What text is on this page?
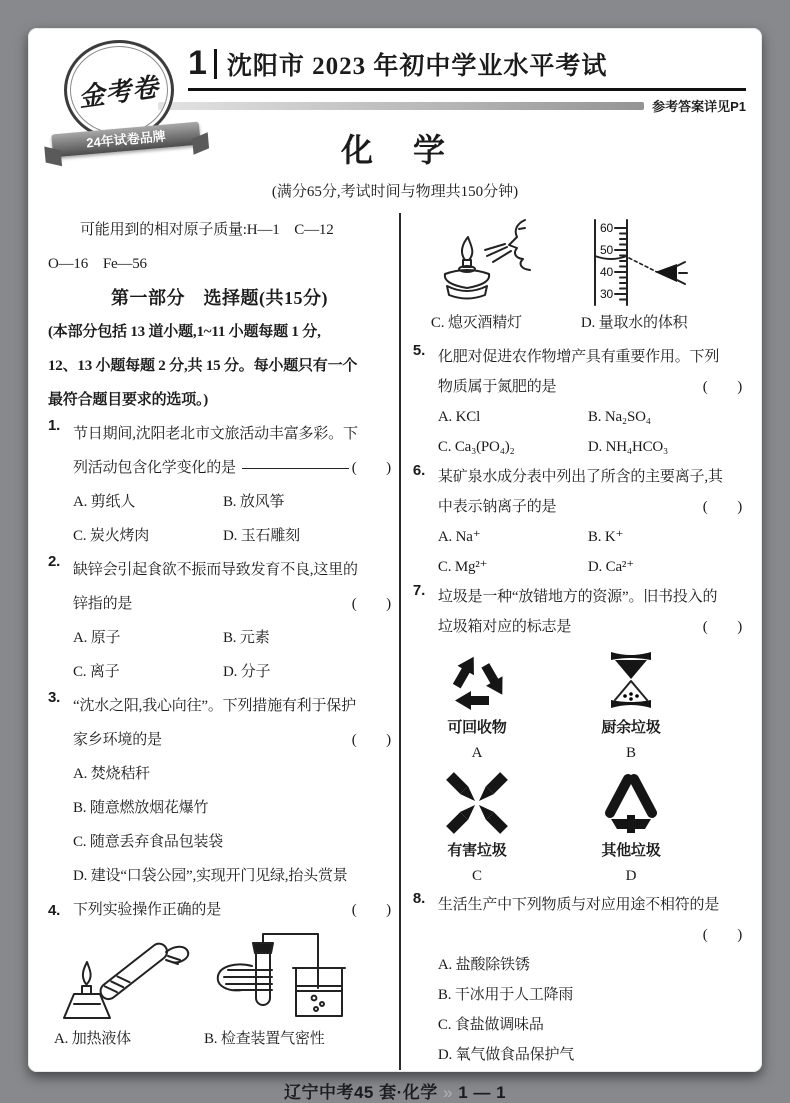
金考卷
24年试卷品牌
1 沈阳市 2023 年初中学业水平考试
参考答案详见P1
化　学
(满分65分,考试时间与物理共150分钟)
可能用到的相对原子质量:H—1　C—12
O—16　Fe—56
第一部分　选择题(共15分)
(本部分包括 13 道小题,1~11 小题每题 1 分,
12、13 小题每题 2 分,共 15 分。每小题只有一个
最符合题目要求的选项。)
1. 节日期间,沈阳老北市文旅活动丰富多彩。下
列活动包含化学变化的是	(　　)
A. 剪纸人	B. 放风筝
C. 炭火烤肉	D. 玉石雕刻
2. 缺锌会引起食欲不振而导致发育不良,这里的
锌指的是	(　　)
A. 原子	B. 元素
C. 离子	D. 分子
3. “沈水之阳,我心向往”。下列措施有利于保护
家乡环境的是	(　　)
A. 焚烧秸秆
B. 随意燃放烟花爆竹
C. 随意丢弃食品包装袋
D. 建设“口袋公园”,实现开门见绿,抬头赏景
4. 下列实验操作正确的是	(　　)
A. 加热液体	B. 检查装置气密性
60
50
40
30
C. 熄灭酒精灯	D. 量取水的体积
5. 化肥对促进农作物增产具有重要作用。下列
物质属于氮肥的是	(　　)
A. KCl	B. Na₂SO₄
C. Ca₃(PO₄)₂	D. NH₄HCO₃
6. 某矿泉水成分表中列出了所含的主要离子,其
中表示钠离子的是	(　　)
A. Na⁺	B. K⁺
C. Mg²⁺	D. Ca²⁺
7. 垃圾是一种“放错地方的资源”。旧书投入的
垃圾箱对应的标志是	(　　)
可回收物
A
厨余垃圾
B
有害垃圾
C
其他垃圾
D
8. 生活生产中下列物质与对应用途不相符的是
(　　)
A. 盐酸除铁锈
B. 干冰用于人工降雨
C. 食盐做调味品
D. 氧气做食品保护气
辽宁中考45 套·化学 » 1 — 1
